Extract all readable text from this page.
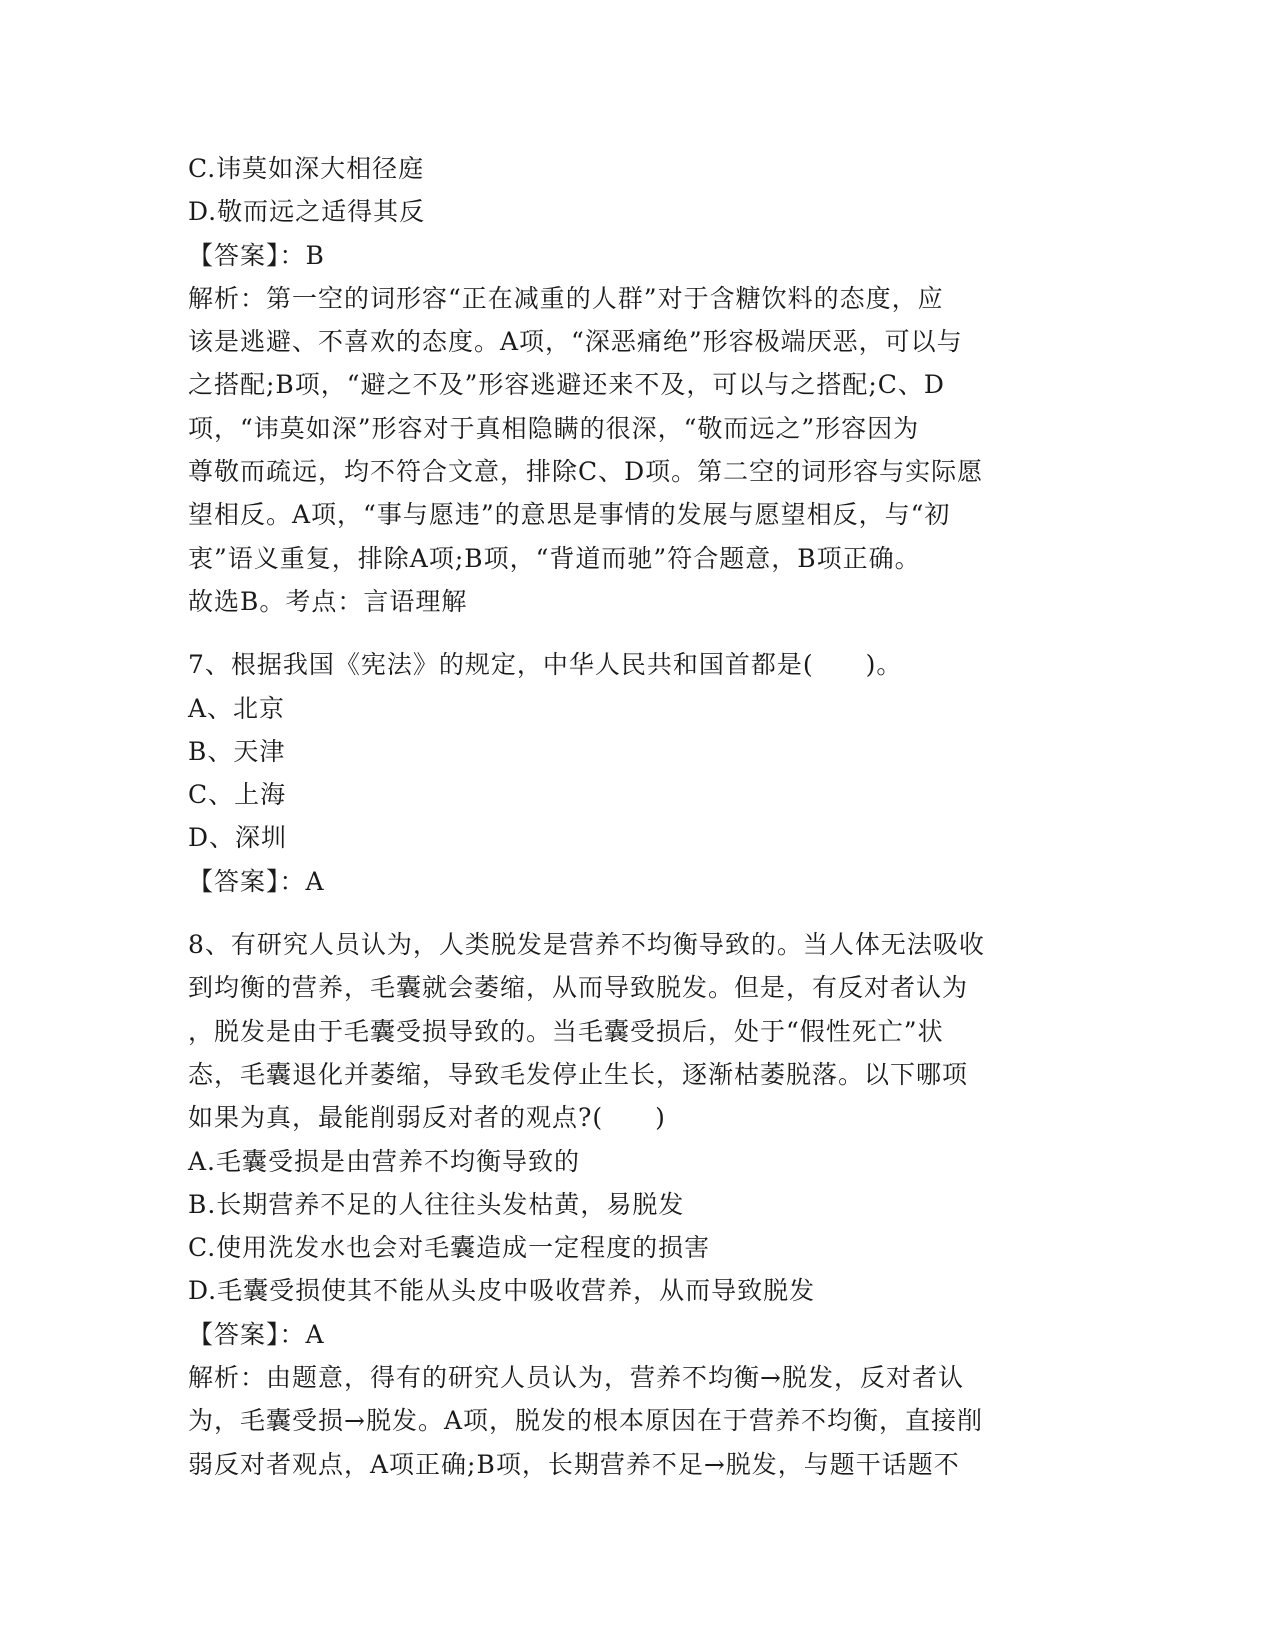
C.讳莫如深大相径庭
D.敬而远之适得其反
【答案】：B
解析：第一空的词形容“正在减重的人群”对于含糖饮料的态度，应
该是逃避、不喜欢的态度。A项，“深恶痛绝”形容极端厌恶，可以与
之搭配;B项，“避之不及”形容逃避还来不及，可以与之搭配;C、D
项，“讳莫如深”形容对于真相隐瞒的很深，“敬而远之”形容因为
尊敬而疏远，均不符合文意，排除C、D项。第二空的词形容与实际愿
望相反。A项，“事与愿违”的意思是事情的发展与愿望相反，与“初
衷”语义重复，排除A项;B项，“背道而驰”符合题意，B项正确。
故选B。考点：言语理解
7、根据我国《宪法》的规定，中华人民共和国首都是(　　)。
A、北京
B、天津
C、上海
D、深圳
【答案】：A
8、有研究人员认为，人类脱发是营养不均衡导致的。当人体无法吸收
到均衡的营养，毛囊就会萎缩，从而导致脱发。但是，有反对者认为
，脱发是由于毛囊受损导致的。当毛囊受损后，处于“假性死亡”状
态，毛囊退化并萎缩，导致毛发停止生长，逐渐枯萎脱落。以下哪项
如果为真，最能削弱反对者的观点?(　　)
A.毛囊受损是由营养不均衡导致的
B.长期营养不足的人往往头发枯黄，易脱发
C.使用洗发水也会对毛囊造成一定程度的损害
D.毛囊受损使其不能从头皮中吸收营养，从而导致脱发
【答案】：A
解析：由题意，得有的研究人员认为，营养不均衡→脱发，反对者认
为，毛囊受损→脱发。A项，脱发的根本原因在于营养不均衡，直接削
弱反对者观点，A项正确;B项，长期营养不足→脱发，与题干话题不
